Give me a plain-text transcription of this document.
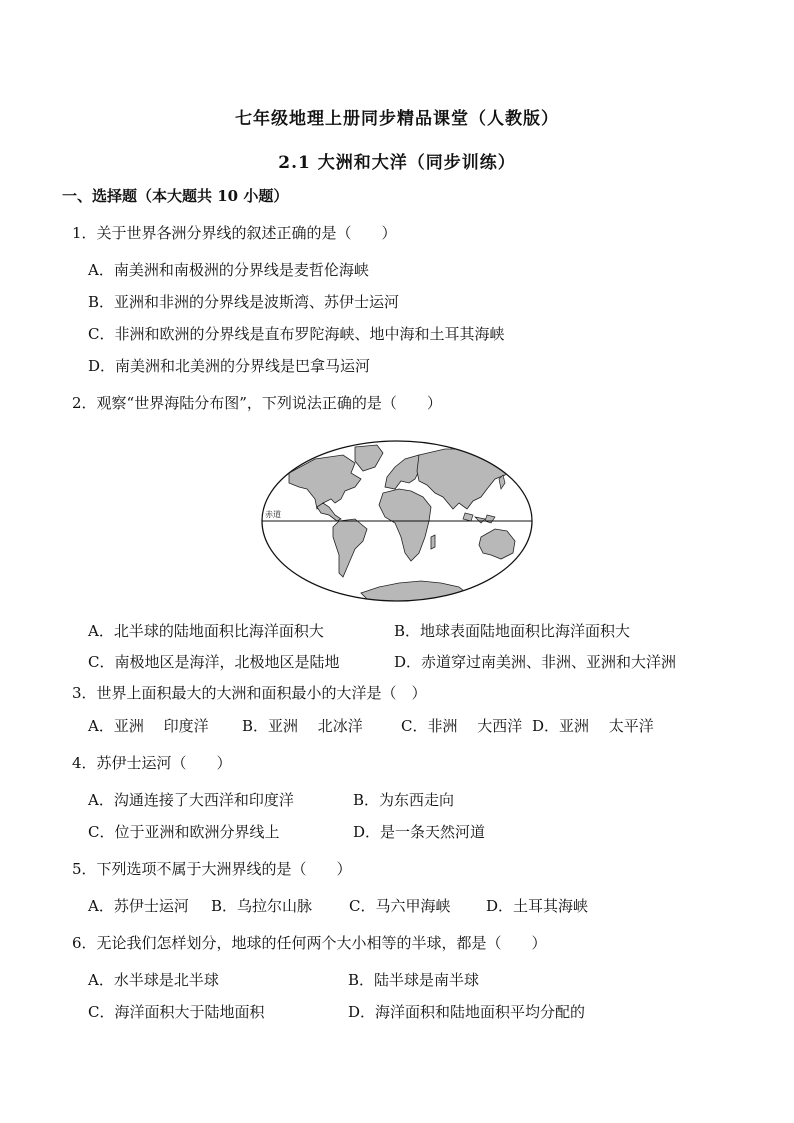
七年级地理上册同步精品课堂（人教版）
2.1 大洲和大洋（同步训练）
一、选择题（本大题共 10 小题）
1．关于世界各洲分界线的叙述正确的是（　　）
A．南美洲和南极洲的分界线是麦哲伦海峡
B．亚洲和非洲的分界线是波斯湾、苏伊士运河
C．非洲和欧洲的分界线是直布罗陀海峡、地中海和土耳其海峡
D．南美洲和北美洲的分界线是巴拿马运河
2．观察“世界海陆分布图”，下列说法正确的是（　　）
赤道
A．北半球的陆地面积比海洋面积大	B．地球表面陆地面积比海洋面积大
C．南极地区是海洋，北极地区是陆地	D．赤道穿过南美洲、非洲、亚洲和大洋洲
3．世界上面积最大的大洲和面积最小的大洋是（　）
A．亚洲　 印度洋 B．亚洲　 北冰洋	C．非洲　 大西洋 D．亚洲　 太平洋
4．苏伊士运河（　　）
A．沟通连接了大西洋和印度洋	B．为东西走向
C．位于亚洲和欧洲分界线上	D．是一条天然河道
5．下列选项不属于大洲界线的是（　　）
A．苏伊士运河 B．乌拉尔山脉 C．马六甲海峡 D．土耳其海峡
6．无论我们怎样划分，地球的任何两个大小相等的半球，都是（　　）
A．水半球是北半球	B．陆半球是南半球
C．海洋面积大于陆地面积	D．海洋面积和陆地面积平均分配的
